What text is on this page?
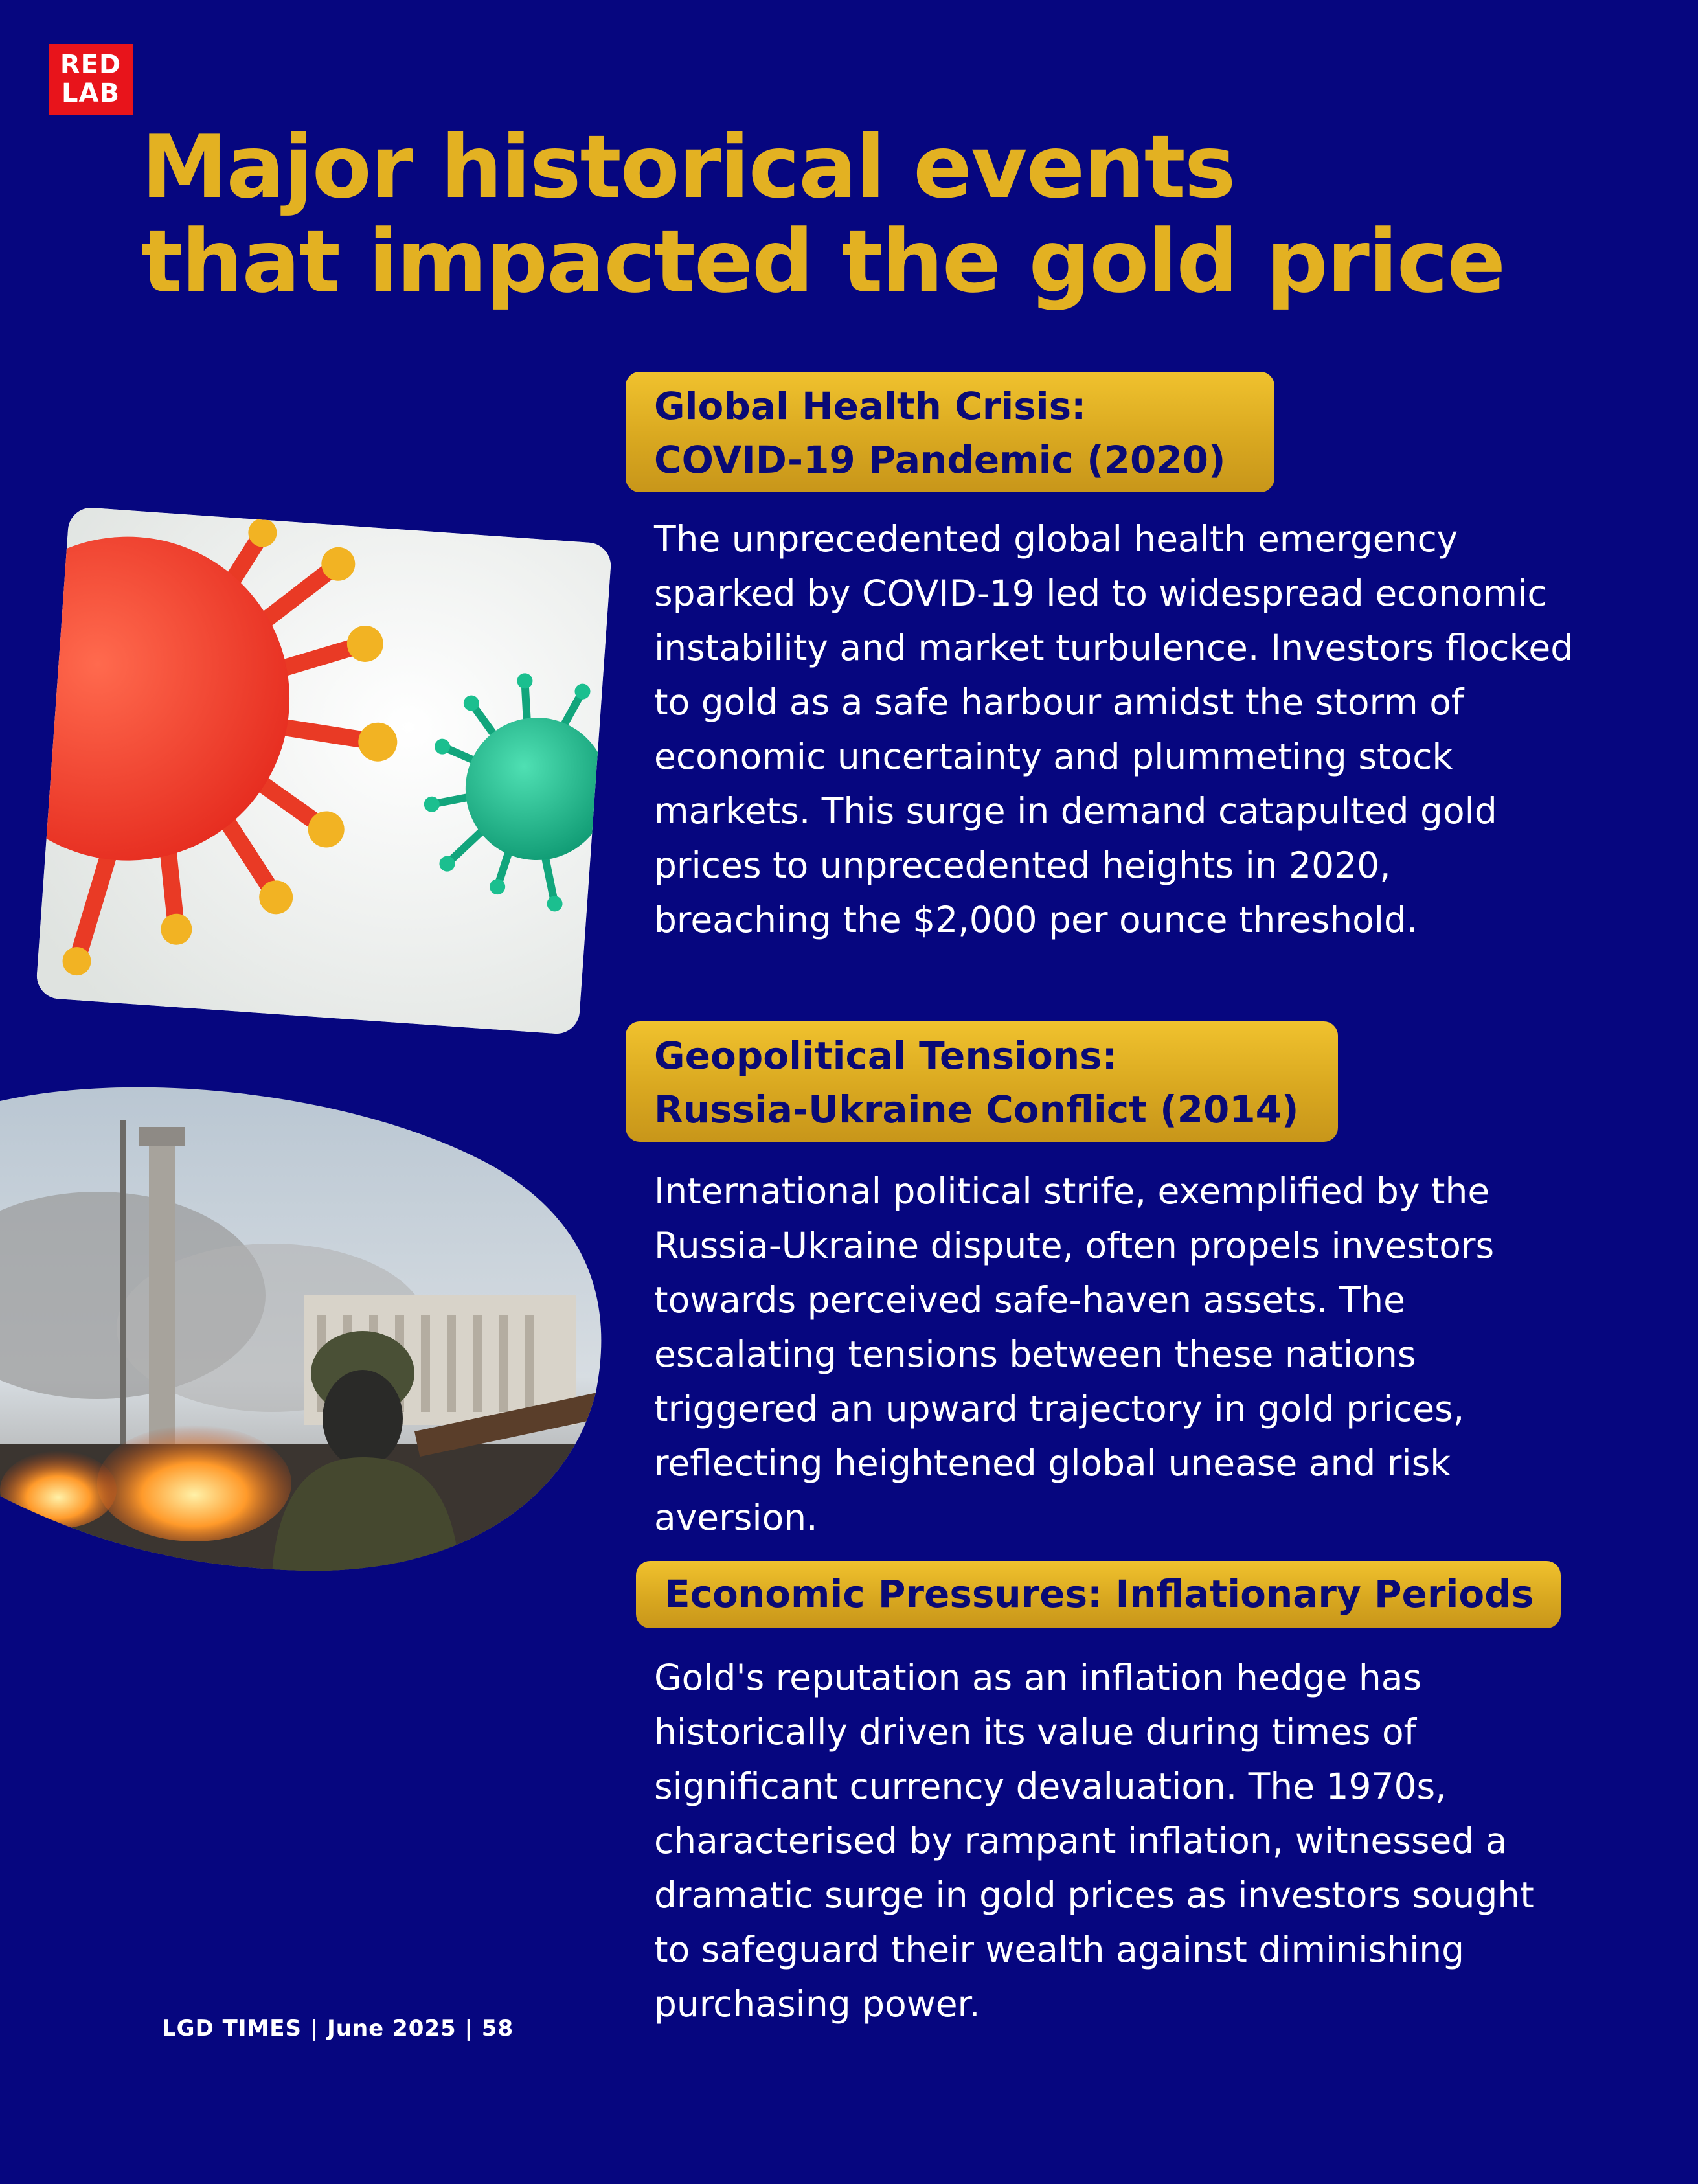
RED
LAB
Major historical events
that impacted the gold price
Global Health Crisis:
COVID-19 Pandemic (2020)

The unprecedented global health emergency sparked by COVID-19 led to widespread economic instability and market turbulence. Investors flocked to gold as a safe harbour amidst the storm of economic uncertainty and plummeting stock markets. This surge in demand catapulted gold prices to unprecedented heights in 2020, breaching the $2,000 per ounce threshold.

Geopolitical Tensions:
Russia-Ukraine Conflict (2014)

International political strife, exemplified by the Russia-Ukraine dispute, often propels investors towards perceived safe-haven assets. The escalating tensions between these nations triggered an upward trajectory in gold prices, reflecting heightened global unease and risk aversion.

Economic Pressures: Inflationary Periods

Gold's reputation as an inflation hedge has historically driven its value during times of significant currency devaluation. The 1970s, characterised by rampant inflation, witnessed a dramatic surge in gold prices as investors sought to safeguard their wealth against diminishing purchasing power.

LGD TIMES | June 2025 | 58
